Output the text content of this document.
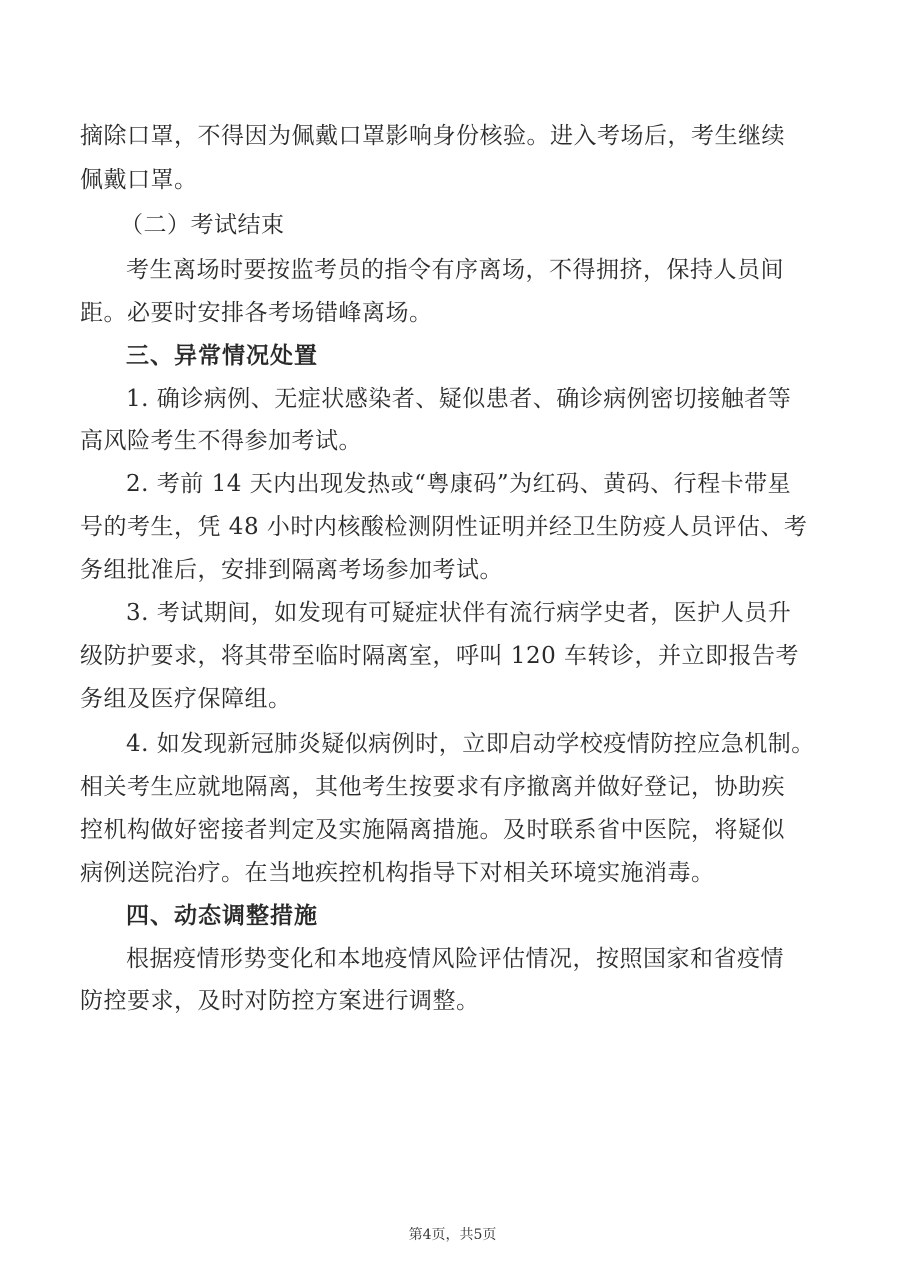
摘除口罩，不得因为佩戴口罩影响身份核验。进入考场后，考生继续
佩戴口罩。
（二）考试结束
考生离场时要按监考员的指令有序离场，不得拥挤，保持人员间
距。必要时安排各考场错峰离场。
三、异常情况处置
1. 确诊病例、无症状感染者、疑似患者、确诊病例密切接触者等
高风险考生不得参加考试。
2. 考前 14 天内出现发热或“粤康码”为红码、黄码、行程卡带星
号的考生，凭 48 小时内核酸检测阴性证明并经卫生防疫人员评估、考
务组批准后，安排到隔离考场参加考试。
3. 考试期间，如发现有可疑症状伴有流行病学史者，医护人员升
级防护要求，将其带至临时隔离室，呼叫 120 车转诊，并立即报告考
务组及医疗保障组。
4. 如发现新冠肺炎疑似病例时，立即启动学校疫情防控应急机制。
相关考生应就地隔离，其他考生按要求有序撤离并做好登记，协助疾
控机构做好密接者判定及实施隔离措施。及时联系省中医院，将疑似
病例送院治疗。在当地疾控机构指导下对相关环境实施消毒。
四、动态调整措施
根据疫情形势变化和本地疫情风险评估情况，按照国家和省疫情
防控要求，及时对防控方案进行调整。
第4页，共5页
